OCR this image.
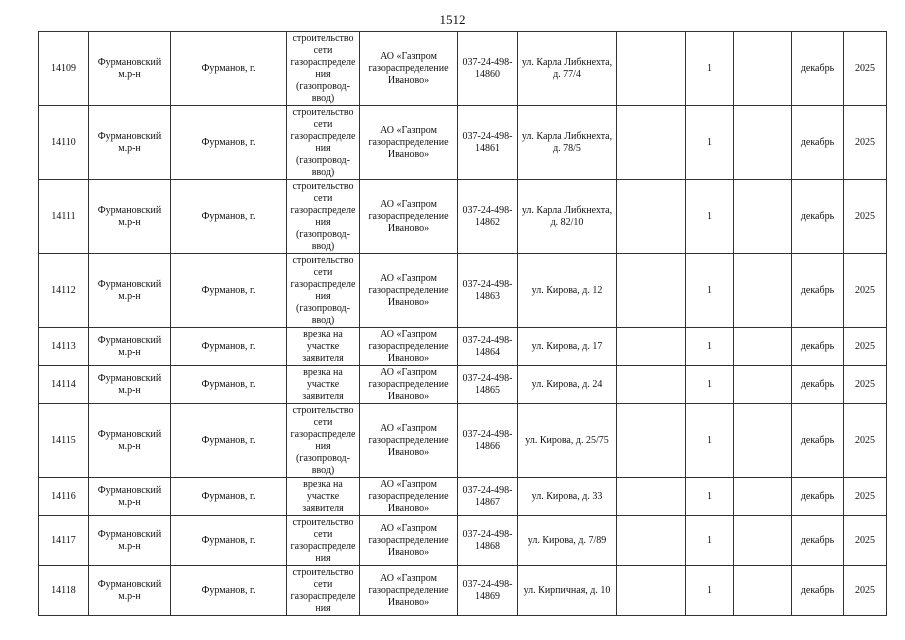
1512
14109	Фурмановский м.р-н	Фурманов, г.	строительство сети газораспределения (газопровод-ввод)	АО «Газпром газораспределение Иваново»	037-24-498-14860	ул. Карла Либкнехта, д. 77/4		1		декабрь	2025
14110	Фурмановский м.р-н	Фурманов, г.	строительство сети газораспределения (газопровод-ввод)	АО «Газпром газораспределение Иваново»	037-24-498-14861	ул. Карла Либкнехта, д. 78/5		1		декабрь	2025
14111	Фурмановский м.р-н	Фурманов, г.	строительство сети газораспределения (газопровод-ввод)	АО «Газпром газораспределение Иваново»	037-24-498-14862	ул. Карла Либкнехта, д. 82/10		1		декабрь	2025
14112	Фурмановский м.р-н	Фурманов, г.	строительство сети газораспределения (газопровод-ввод)	АО «Газпром газораспределение Иваново»	037-24-498-14863	ул. Кирова, д. 12		1		декабрь	2025
14113	Фурмановский м.р-н	Фурманов, г.	врезка на участке заявителя	АО «Газпром газораспределение Иваново»	037-24-498-14864	ул. Кирова, д. 17		1		декабрь	2025
14114	Фурмановский м.р-н	Фурманов, г.	врезка на участке заявителя	АО «Газпром газораспределение Иваново»	037-24-498-14865	ул. Кирова, д. 24		1		декабрь	2025
14115	Фурмановский м.р-н	Фурманов, г.	строительство сети газораспределения (газопровод-ввод)	АО «Газпром газораспределение Иваново»	037-24-498-14866	ул. Кирова, д. 25/75		1		декабрь	2025
14116	Фурмановский м.р-н	Фурманов, г.	врезка на участке заявителя	АО «Газпром газораспределение Иваново»	037-24-498-14867	ул. Кирова, д. 33		1		декабрь	2025
14117	Фурмановский м.р-н	Фурманов, г.	строительство сети газораспределения	АО «Газпром газораспределение Иваново»	037-24-498-14868	ул. Кирова, д. 7/89		1		декабрь	2025
14118	Фурмановский м.р-н	Фурманов, г.	строительство сети газораспределения	АО «Газпром газораспределение Иваново»	037-24-498-14869	ул. Кирпичная, д. 10		1		декабрь	2025
